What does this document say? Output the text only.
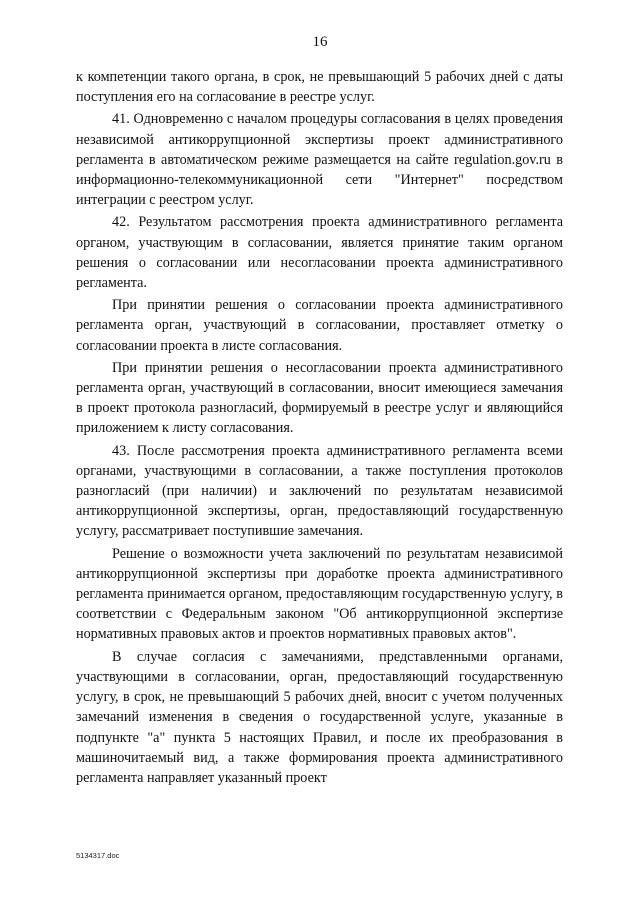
16

к компетенции такого органа, в срок, не превышающий 5 рабочих дней с даты поступления его на согласование в реестре услуг.

41. Одновременно с началом процедуры согласования в целях проведения независимой антикоррупционной экспертизы проект административного регламента в автоматическом режиме размещается на сайте regulation.gov.ru в информационно-телекоммуникационной сети "Интернет" посредством интеграции с реестром услуг.

42. Результатом рассмотрения проекта административного регламента органом, участвующим в согласовании, является принятие таким органом решения о согласовании или несогласовании проекта административного регламента.

При принятии решения о согласовании проекта административного регламента орган, участвующий в согласовании, проставляет отметку о согласовании проекта в листе согласования.

При принятии решения о несогласовании проекта административного регламента орган, участвующий в согласовании, вносит имеющиеся замечания в проект протокола разногласий, формируемый в реестре услуг и являющийся приложением к листу согласования.

43. После рассмотрения проекта административного регламента всеми органами, участвующими в согласовании, а также поступления протоколов разногласий (при наличии) и заключений по результатам независимой антикоррупционной экспертизы, орган, предоставляющий государственную услугу, рассматривает поступившие замечания.

Решение о возможности учета заключений по результатам независимой антикоррупционной экспертизы при доработке проекта административного регламента принимается органом, предоставляющим государственную услугу, в соответствии с Федеральным законом "Об антикоррупционной экспертизе нормативных правовых актов и проектов нормативных правовых актов".

В случае согласия с замечаниями, представленными органами, участвующими в согласовании, орган, предоставляющий государственную услугу, в срок, не превышающий 5 рабочих дней, вносит с учетом полученных замечаний изменения в сведения о государственной услуге, указанные в подпункте "а" пункта 5 настоящих Правил, и после их преобразования в машиночитаемый вид, а также формирования проекта административного регламента направляет указанный проект

5134317.doc
